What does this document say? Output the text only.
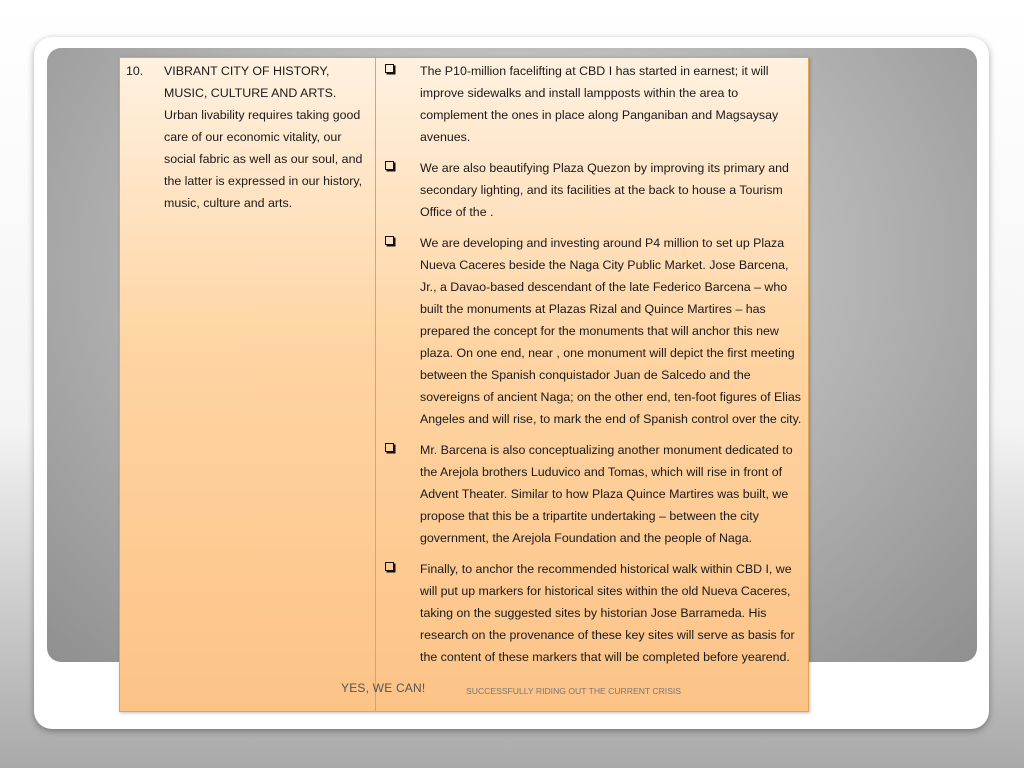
10. VIBRANT CITY OF HISTORY, MUSIC, CULTURE AND ARTS. Urban livability requires taking good care of our economic vitality, our social fabric as well as our soul, and the latter is expressed in our history, music, culture and arts.
The P10-million facelifting at CBD I has started in earnest; it will improve sidewalks and install lampposts within the area to complement the ones in place along Panganiban and Magsaysay avenues.
We are also beautifying Plaza Quezon by improving its primary and secondary lighting, and its facilities at the back to house a Tourism Office of the .
We are developing and investing around P4 million to set up Plaza Nueva Caceres beside the Naga City Public Market. Jose Barcena, Jr., a Davao-based descendant of the late Federico Barcena – who built the monuments at Plazas Rizal and Quince Martires – has prepared the concept for the monuments that will anchor this new plaza. On one end, near , one monument will depict the first meeting between the Spanish conquistador Juan de Salcedo and the sovereigns of ancient Naga; on the other end, ten-foot figures of Elias Angeles and will rise, to mark the end of Spanish control over the city.
Mr. Barcena is also conceptualizing another monument dedicated to the Arejola brothers Luduvico and Tomas, which will rise in front of Advent Theater. Similar to how Plaza Quince Martires was built, we propose that this be a tripartite undertaking – between the city government, the Arejola Foundation and the people of Naga.
Finally, to anchor the recommended historical walk within CBD I, we will put up markers for historical sites within the old Nueva Caceres, taking on the suggested sites by historian Jose Barrameda. His research on the provenance of these key sites will serve as basis for the content of these markers that will be completed before yearend.
YES, WE CAN!	SUCCESSFULLY RIDING OUT THE CURRENT CRISIS
